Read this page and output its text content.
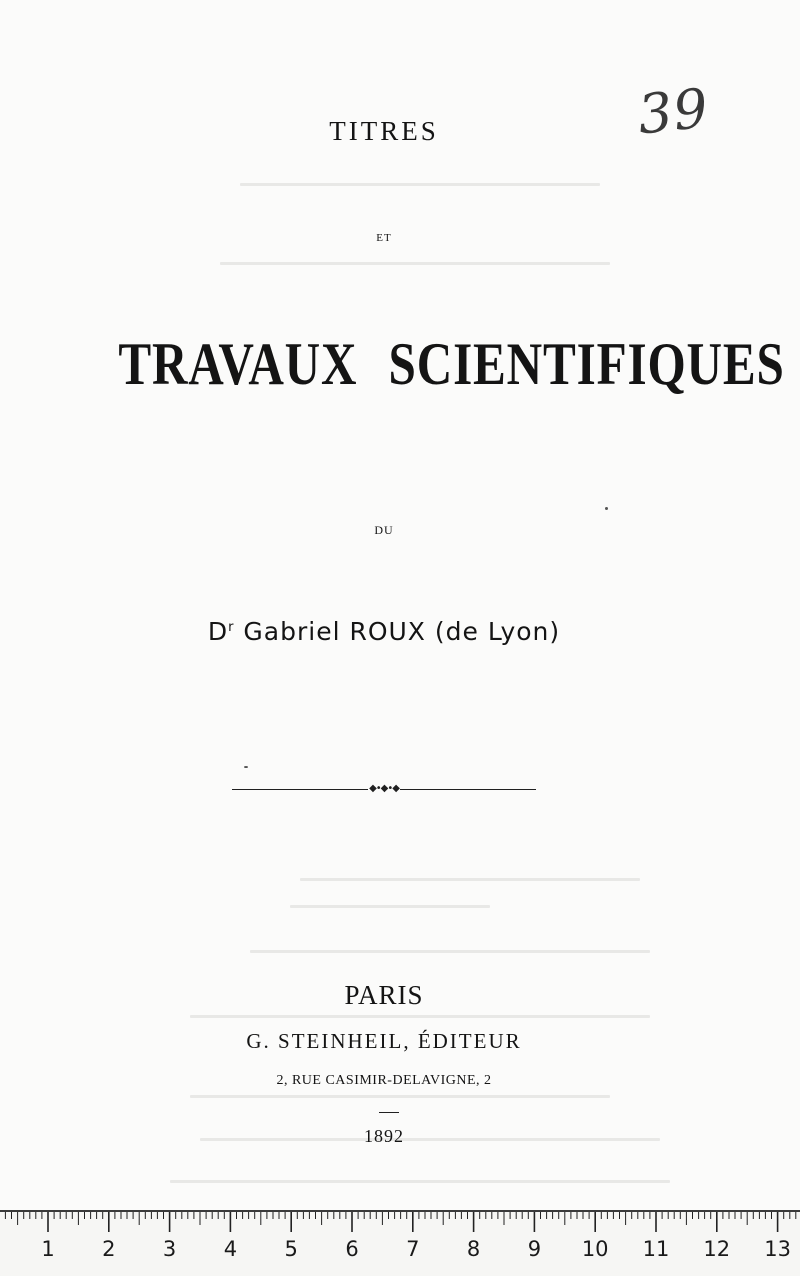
39
TITRES
ET
TRAVAUX SCIENTIFIQUES
DU
$D^r$ Gabriel ROUX (de Lyon)
◆•◆•◆
PARIS
G. STEINHEIL, ÉDITEUR
2, RUE CASIMIR-DELAVIGNE, 2
1892
1 2 3 4 5 6 7 8 9 10 11 12 13
